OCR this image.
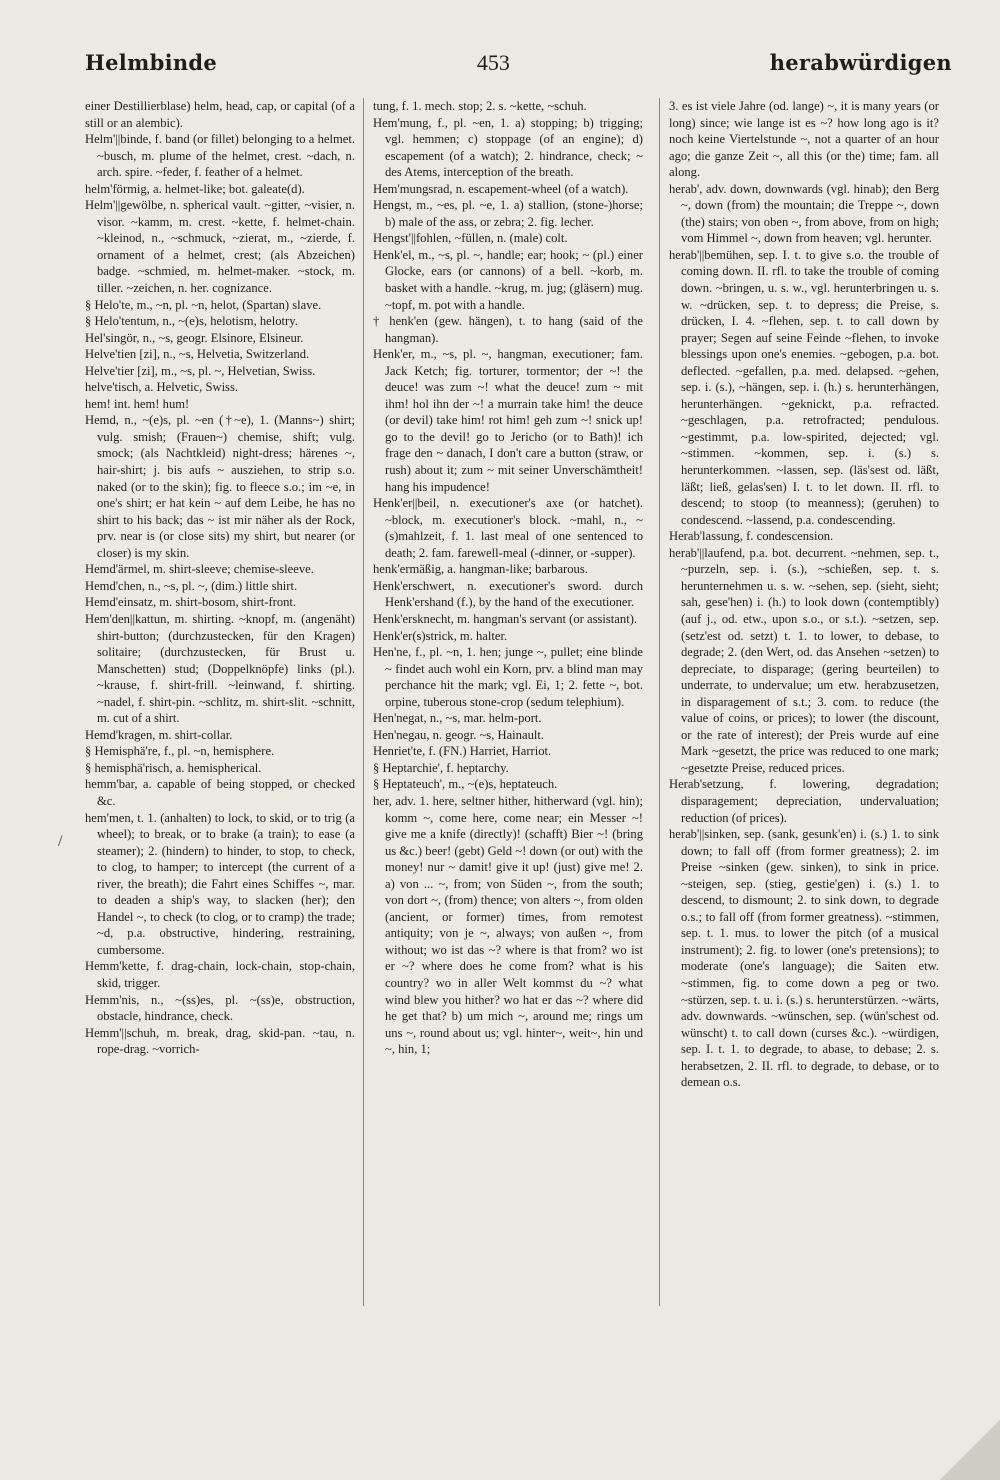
Helmbinde	453	herabwürdigen
/

einer Destillierblase) helm, head, cap, or capital (of a still or an alembic).

Helm'||binde, f. band (or fillet) belonging to a helmet. ~busch, m. plume of the helmet, crest. ~dach, n. arch. spire. ~feder, f. feather of a helmet.

helm'förmig, a. helmet-like; bot. galeate(d).

Helm'||gewölbe, n. spherical vault. ~gitter, ~visier, n. visor. ~kamm, m. crest. ~kette, f. helmet-chain. ~kleinod, n., ~schmuck, ~zierat, m., ~zierde, f. ornament of a helmet, crest; (als Abzeichen) badge. ~schmied, m. helmet-maker. ~stock, m. tiller. ~zeichen, n. her. cognizance.

§ Helo'te, m., ~n, pl. ~n, helot, (Spartan) slave.

§ Helo'tentum, n., ~(e)s, helotism, helotry.

Hel'singör, n., ~s, geogr. Elsinore, Elsineur.

Helve'tien [zi], n., ~s, Helvetia, Switzerland.

Helve'tier [zi], m., ~s, pl. ~, Helvetian, Swiss.

helve'tisch, a. Helvetic, Swiss.

hem! int. hem! hum!

Hemd, n., ~(e)s, pl. ~en (†~e), 1. (Manns~) shirt; vulg. smish; (Frauen~) chemise, shift; vulg. smock; (als Nachtkleid) night-dress; härenes ~, hair-shirt; j. bis aufs ~ ausziehen, to strip s.o. naked (or to the skin); fig. to fleece s.o.; im ~e, in one's shirt; er hat kein ~ auf dem Leibe, he has no shirt to his back; das ~ ist mir näher als der Rock, prv. near is (or close sits) my shirt, but nearer (or closer) is my skin.

Hemd'ärmel, m. shirt-sleeve; chemise-sleeve.

Hemd'chen, n., ~s, pl. ~, (dim.) little shirt.

Hemd'einsatz, m. shirt-bosom, shirt-front.

Hem'den||kattun, m. shirting. ~knopf, m. (angenäht) shirt-button; (durchzustecken, für den Kragen) solitaire; (durchzustecken, für Brust u. Manschetten) stud; (Doppelknöpfe) links (pl.). ~krause, f. shirt-frill. ~leinwand, f. shirting. ~nadel, f. shirt-pin. ~schlitz, m. shirt-slit. ~schnitt, m. cut of a shirt.

Hemd'kragen, m. shirt-collar.

§ Hemisphä're, f., pl. ~n, hemisphere.

§ hemisphä'risch, a. hemispherical.

hemm'bar, a. capable of being stopped, or checked &c.

hem'men, t. 1. (anhalten) to lock, to skid, or to trig (a wheel); to break, or to brake (a train); to ease (a steamer); 2. (hindern) to hinder, to stop, to check, to clog, to hamper; to intercept (the current of a river, the breath); die Fahrt eines Schiffes ~, mar. to deaden a ship's way, to slacken (her); den Handel ~, to check (to clog, or to cramp) the trade; ~d, p.a. obstructive, hindering, restraining, cumbersome.

Hemm'kette, f. drag-chain, lock-chain, stop-chain, skid, trigger.

Hemm'nis, n., ~(ss)es, pl. ~(ss)e, obstruction, obstacle, hindrance, check.

Hemm'||schuh, m. break, drag, skid-pan. ~tau, n. rope-drag. ~vorrich-

tung, f. 1. mech. stop; 2. s. ~kette, ~schuh.

Hem'mung, f., pl. ~en, 1. a) stopping; b) trigging; vgl. hemmen; c) stoppage (of an engine); d) escapement (of a watch); 2. hindrance, check; ~ des Atems, interception of the breath.

Hem'mungsrad, n. escapement-wheel (of a watch).

Hengst, m., ~es, pl. ~e, 1. a) stallion, (stone-)horse; b) male of the ass, or zebra; 2. fig. lecher.

Hengst'||fohlen, ~füllen, n. (male) colt.

Henk'el, m., ~s, pl. ~, handle; ear; hook; ~ (pl.) einer Glocke, ears (or cannons) of a bell. ~korb, m. basket with a handle. ~krug, m. jug; (gläsern) mug. ~topf, m. pot with a handle.

† henk'en (gew. hängen), t. to hang (said of the hangman).

Henk'er, m., ~s, pl. ~, hangman, executioner; fam. Jack Ketch; fig. torturer, tormentor; der ~! the deuce! was zum ~! what the deuce! zum ~ mit ihm! hol ihn der ~! a murrain take him! the deuce (or devil) take him! rot him! geh zum ~! snick up! go to the devil! go to Jericho (or to Bath)! ich frage den ~ danach, I don't care a button (straw, or rush) about it; zum ~ mit seiner Unverschämtheit! hang his impudence!

Henk'er||beil, n. executioner's axe (or hatchet). ~block, m. executioner's block. ~mahl, n., ~(s)mahlzeit, f. 1. last meal of one sentenced to death; 2. fam. farewell-meal (-dinner, or -supper).

henk'ermäßig, a. hangman-like; barbarous.

Henk'erschwert, n. executioner's sword. durch Henk'ershand (f.), by the hand of the executioner.

Henk'ersknecht, m. hangman's servant (or assistant).

Henk'er(s)strick, m. halter.

Hen'ne, f., pl. ~n, 1. hen; junge ~, pullet; eine blinde ~ findet auch wohl ein Korn, prv. a blind man may perchance hit the mark; vgl. Ei, 1; 2. fette ~, bot. orpine, tuberous stone-crop (sedum telephium).

Hen'negat, n., ~s, mar. helm-port.

Hen'negau, n. geogr. ~s, Hainault.

Henriet'te, f. (FN.) Harriet, Harriot.

§ Heptarchie', f. heptarchy.

§ Heptateuch', m., ~(e)s, heptateuch.

her, adv. 1. here, seltner hither, hitherward (vgl. hin); komm ~, come here, come near; ein Messer ~! give me a knife (directly)! (schafft) Bier ~! (bring us &c.) beer! (gebt) Geld ~! down (or out) with the money! nur ~ damit! give it up! (just) give me! 2. a) von ... ~, from; von Süden ~, from the south; von dort ~, (from) thence; von alters ~, from olden (ancient, or former) times, from remotest antiquity; von je ~, always; von außen ~, from without; wo ist das ~? where is that from? wo ist er ~? where does he come from? what is his country? wo in aller Welt kommst du ~? what wind blew you hither? wo hat er das ~? where did he get that? b) um mich ~, around me; rings um uns ~, round about us; vgl. hinter~, weit~, hin und ~, hin, 1;

3. es ist viele Jahre (od. lange) ~, it is many years (or long) since; wie lange ist es ~? how long ago is it? noch keine Viertelstunde ~, not a quarter of an hour ago; die ganze Zeit ~, all this (or the) time; fam. all along.

herab', adv. down, downwards (vgl. hinab); den Berg ~, down (from) the mountain; die Treppe ~, down (the) stairs; von oben ~, from above, from on high; vom Himmel ~, down from heaven; vgl. herunter.

herab'||bemühen, sep. I. t. to give s.o. the trouble of coming down. II. rfl. to take the trouble of coming down. ~bringen, u. s. w., vgl. herunterbringen u. s. w. ~drücken, sep. t. to depress; die Preise, s. drücken, I. 4. ~flehen, sep. t. to call down by prayer; Segen auf seine Feinde ~flehen, to invoke blessings upon one's enemies. ~gebogen, p.a. bot. deflected. ~gefallen, p.a. med. delapsed. ~gehen, sep. i. (s.), ~hängen, sep. i. (h.) s. herunterhängen, herunterhängen. ~geknickt, p.a. refracted. ~geschlagen, p.a. retrofracted; pendulous. ~gestimmt, p.a. low-spirited, dejected; vgl. ~stimmen. ~kommen, sep. i. (s.) s. herunterkommen. ~lassen, sep. (läs'sest od. läßt, läßt; ließ, gelas'sen) I. t. to let down. II. rfl. to descend; to stoop (to meanness); (geruhen) to condescend. ~lassend, p.a. condescending.

Herab'lassung, f. condescension.

herab'||laufend, p.a. bot. decurrent. ~nehmen, sep. t., ~purzeln, sep. i. (s.), ~schießen, sep. t. s. herunternehmen u. s. w. ~sehen, sep. (sieht, sieht; sah, gese'hen) i. (h.) to look down (contemptibly) (auf j., od. etw., upon s.o., or s.t.). ~setzen, sep. (setz'est od. setzt) t. 1. to lower, to debase, to degrade; 2. (den Wert, od. das Ansehen ~setzen) to depreciate, to disparage; (gering beurteilen) to underrate, to undervalue; um etw. herabzusetzen, in disparagement of s.t.; 3. com. to reduce (the value of coins, or prices); to lower (the discount, or the rate of interest); der Preis wurde auf eine Mark ~gesetzt, the price was reduced to one mark; ~gesetzte Preise, reduced prices.

Herab'setzung, f. lowering, degradation; disparagement; depreciation, undervaluation; reduction (of prices).

herab'||sinken, sep. (sank, gesunk'en) i. (s.) 1. to sink down; to fall off (from former greatness); 2. im Preise ~sinken (gew. sinken), to sink in price. ~steigen, sep. (stieg, gestie'gen) i. (s.) 1. to descend, to dismount; 2. to sink down, to degrade o.s.; to fall off (from former greatness). ~stimmen, sep. t. 1. mus. to lower the pitch (of a musical instrument); 2. fig. to lower (one's pretensions); to moderate (one's language); die Saiten etw. ~stimmen, fig. to come down a peg or two. ~stürzen, sep. t. u. i. (s.) s. herunterstürzen. ~wärts, adv. downwards. ~wünschen, sep. (wün'schest od. wünscht) t. to call down (curses &c.). ~würdigen, sep. I. t. 1. to degrade, to abase, to debase; 2. s. herabsetzen, 2. II. rfl. to degrade, to debase, or to demean o.s.
